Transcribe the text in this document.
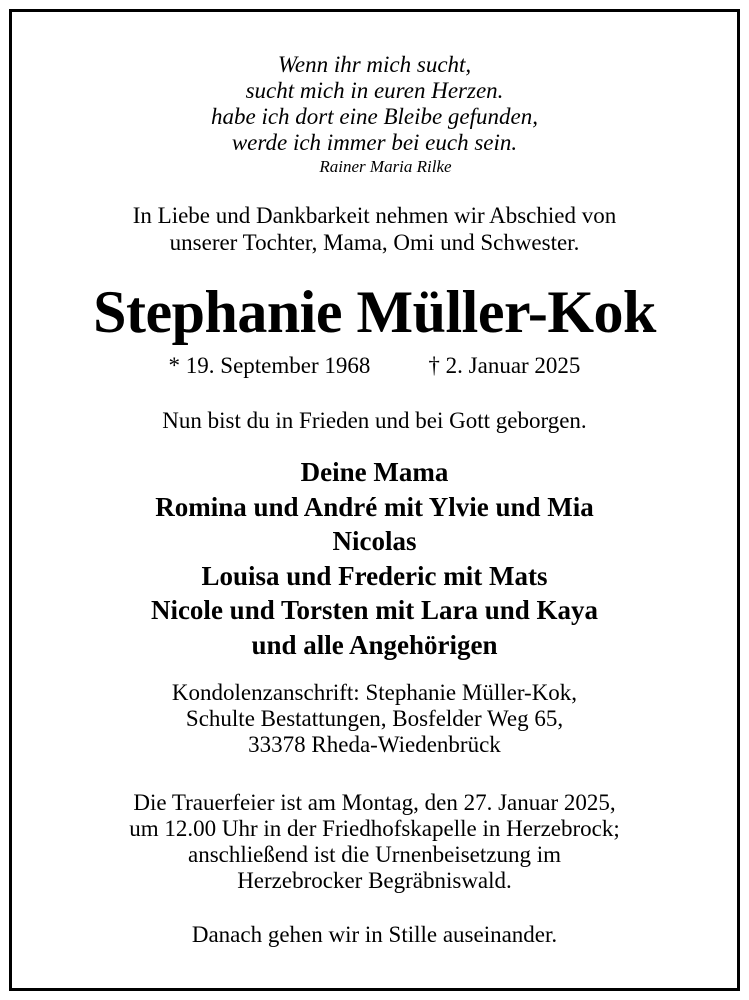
Wenn ihr mich sucht,
sucht mich in euren Herzen.
habe ich dort eine Bleibe gefunden,
werde ich immer bei euch sein.
Rainer Maria Rilke
In Liebe und Dankbarkeit nehmen wir Abschied von
unserer Tochter, Mama, Omi und Schwester.
Stephanie Müller-Kok
* 19. September 1968	† 2. Januar 2025
Nun bist du in Frieden und bei Gott geborgen.
Deine Mama
Romina und André mit Ylvie und Mia
Nicolas
Louisa und Frederic mit Mats
Nicole und Torsten mit Lara und Kaya
und alle Angehörigen
Kondolenzanschrift: Stephanie Müller-Kok,
Schulte Bestattungen, Bosfelder Weg 65,
33378 Rheda-Wiedenbrück
Die Trauerfeier ist am Montag, den 27. Januar 2025,
um 12.00 Uhr in der Friedhofskapelle in Herzebrock;
anschließend ist die Urnenbeisetzung im
Herzebrocker Begräbniswald.
Danach gehen wir in Stille auseinander.
